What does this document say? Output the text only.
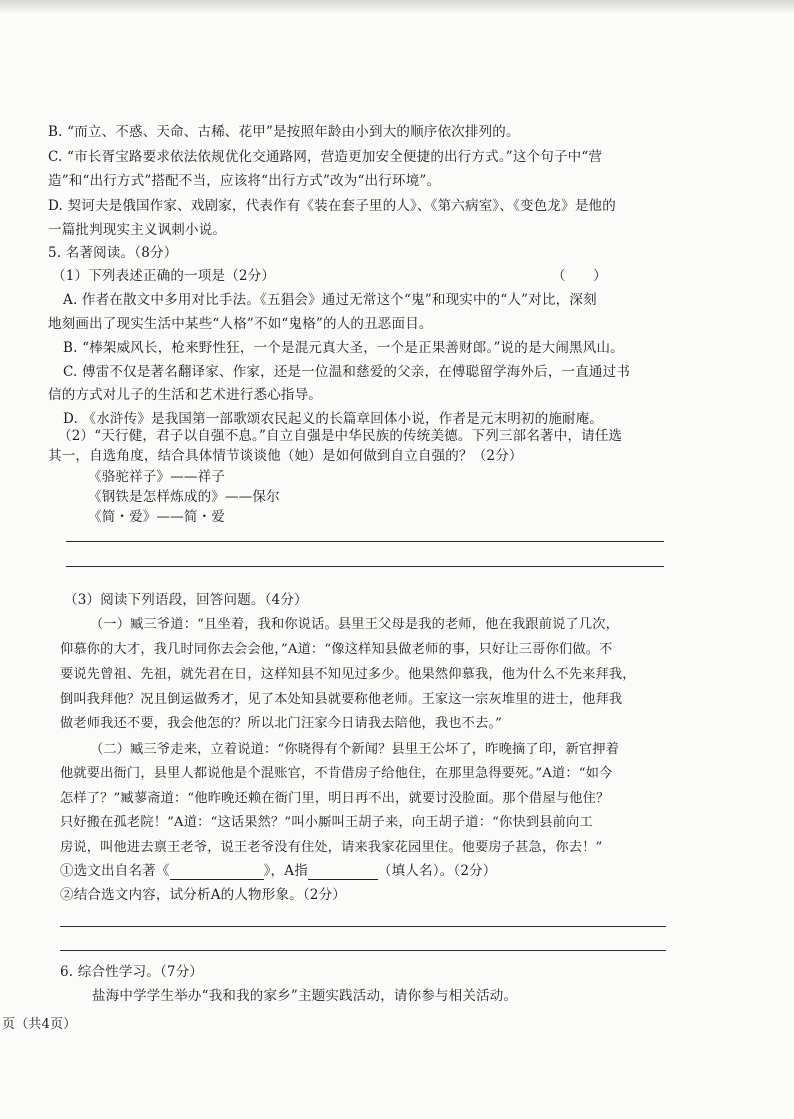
B. “而立、不惑、天命、古稀、花甲”是按照年龄由小到大的顺序依次排列的。
C. “市长胥宝路要求依法依规优化交通路网，营造更加安全便捷的出行方式。”这个句子中“营
造”和“出行方式”搭配不当，应该将“出行方式”改为“出行环境”。
D. 契诃夫是俄国作家、戏剧家，代表作有《装在套子里的人》、《第六病室》、《变色龙》是他的
一篇批判现实主义讽刺小说。
5. 名著阅读。（8分）
（1）下列表述正确的一项是（2分）	（　　）
A. 作者在散文中多用对比手法。《五猖会》通过无常这个“鬼”和现实中的“人”对比，深刻
地刻画出了现实生活中某些“人格”不如“鬼格”的人的丑恶面目。
B. “棒架威风长，枪来野性狂，一个是混元真大圣，一个是正果善财郎。”说的是大闹黑风山。
C. 傅雷不仅是著名翻译家、作家，还是一位温和慈爱的父亲，在傅聪留学海外后，一直通过书
信的方式对儿子的生活和艺术进行悉心指导。
D. 《水浒传》是我国第一部歌颂农民起义的长篇章回体小说，作者是元末明初的施耐庵。
（2）“天行健，君子以自强不息。”自立自强是中华民族的传统美德。下列三部名著中，请任选
其一，自选角度，结合具体情节谈谈他（她）是如何做到自立自强的？（2分）
《骆驼祥子》——祥子
《钢铁是怎样炼成的》——保尔
《简・爱》——简・爱
（3）阅读下列语段，回答问题。（4分）
（一）臧三爷道：“且坐着，我和你说话。县里王父母是我的老师，他在我跟前说了几次，
仰慕你的大才，我几时同你去会会他，”A道：“像这样知县做老师的事，只好让三哥你们做。不
要说先曾祖、先祖，就先君在日，这样知县不知见过多少。他果然仰慕我，他为什么不先来拜我，
倒叫我拜他？况且倒运做秀才，见了本处知县就要称他老师。王家这一宗灰堆里的进士，他拜我
做老师我还不要，我会他怎的？所以北门汪家今日请我去陪他，我也不去。”
（二）臧三爷走来，立着说道：“你晓得有个新闻？县里王公坏了，昨晚摘了印，新官押着
他就要出衙门，县里人都说他是个混账官，不肯借房子给他住，在那里急得要死。”A道：“如今
怎样了？”臧蓼斋道：“他昨晚还赖在衙门里，明日再不出，就要讨没脸面。那个借屋与他住？
只好搬在孤老院！”A道：“这话果然？”叫小厮叫王胡子来，向王胡子道：“你快到县前向工
房说，叫他进去禀王老爷，说王老爷没有住处，请来我家花园里住。他要房子甚急，你去！”
①选文出自名著《	》，A指	（填人名）。（2分）
②结合选文内容，试分析A的人物形象。（2分）
6. 综合性学习。（7分）
盐海中学学生举办“我和我的家乡”主题实践活动，请你参与相关活动。
页（共4页）
